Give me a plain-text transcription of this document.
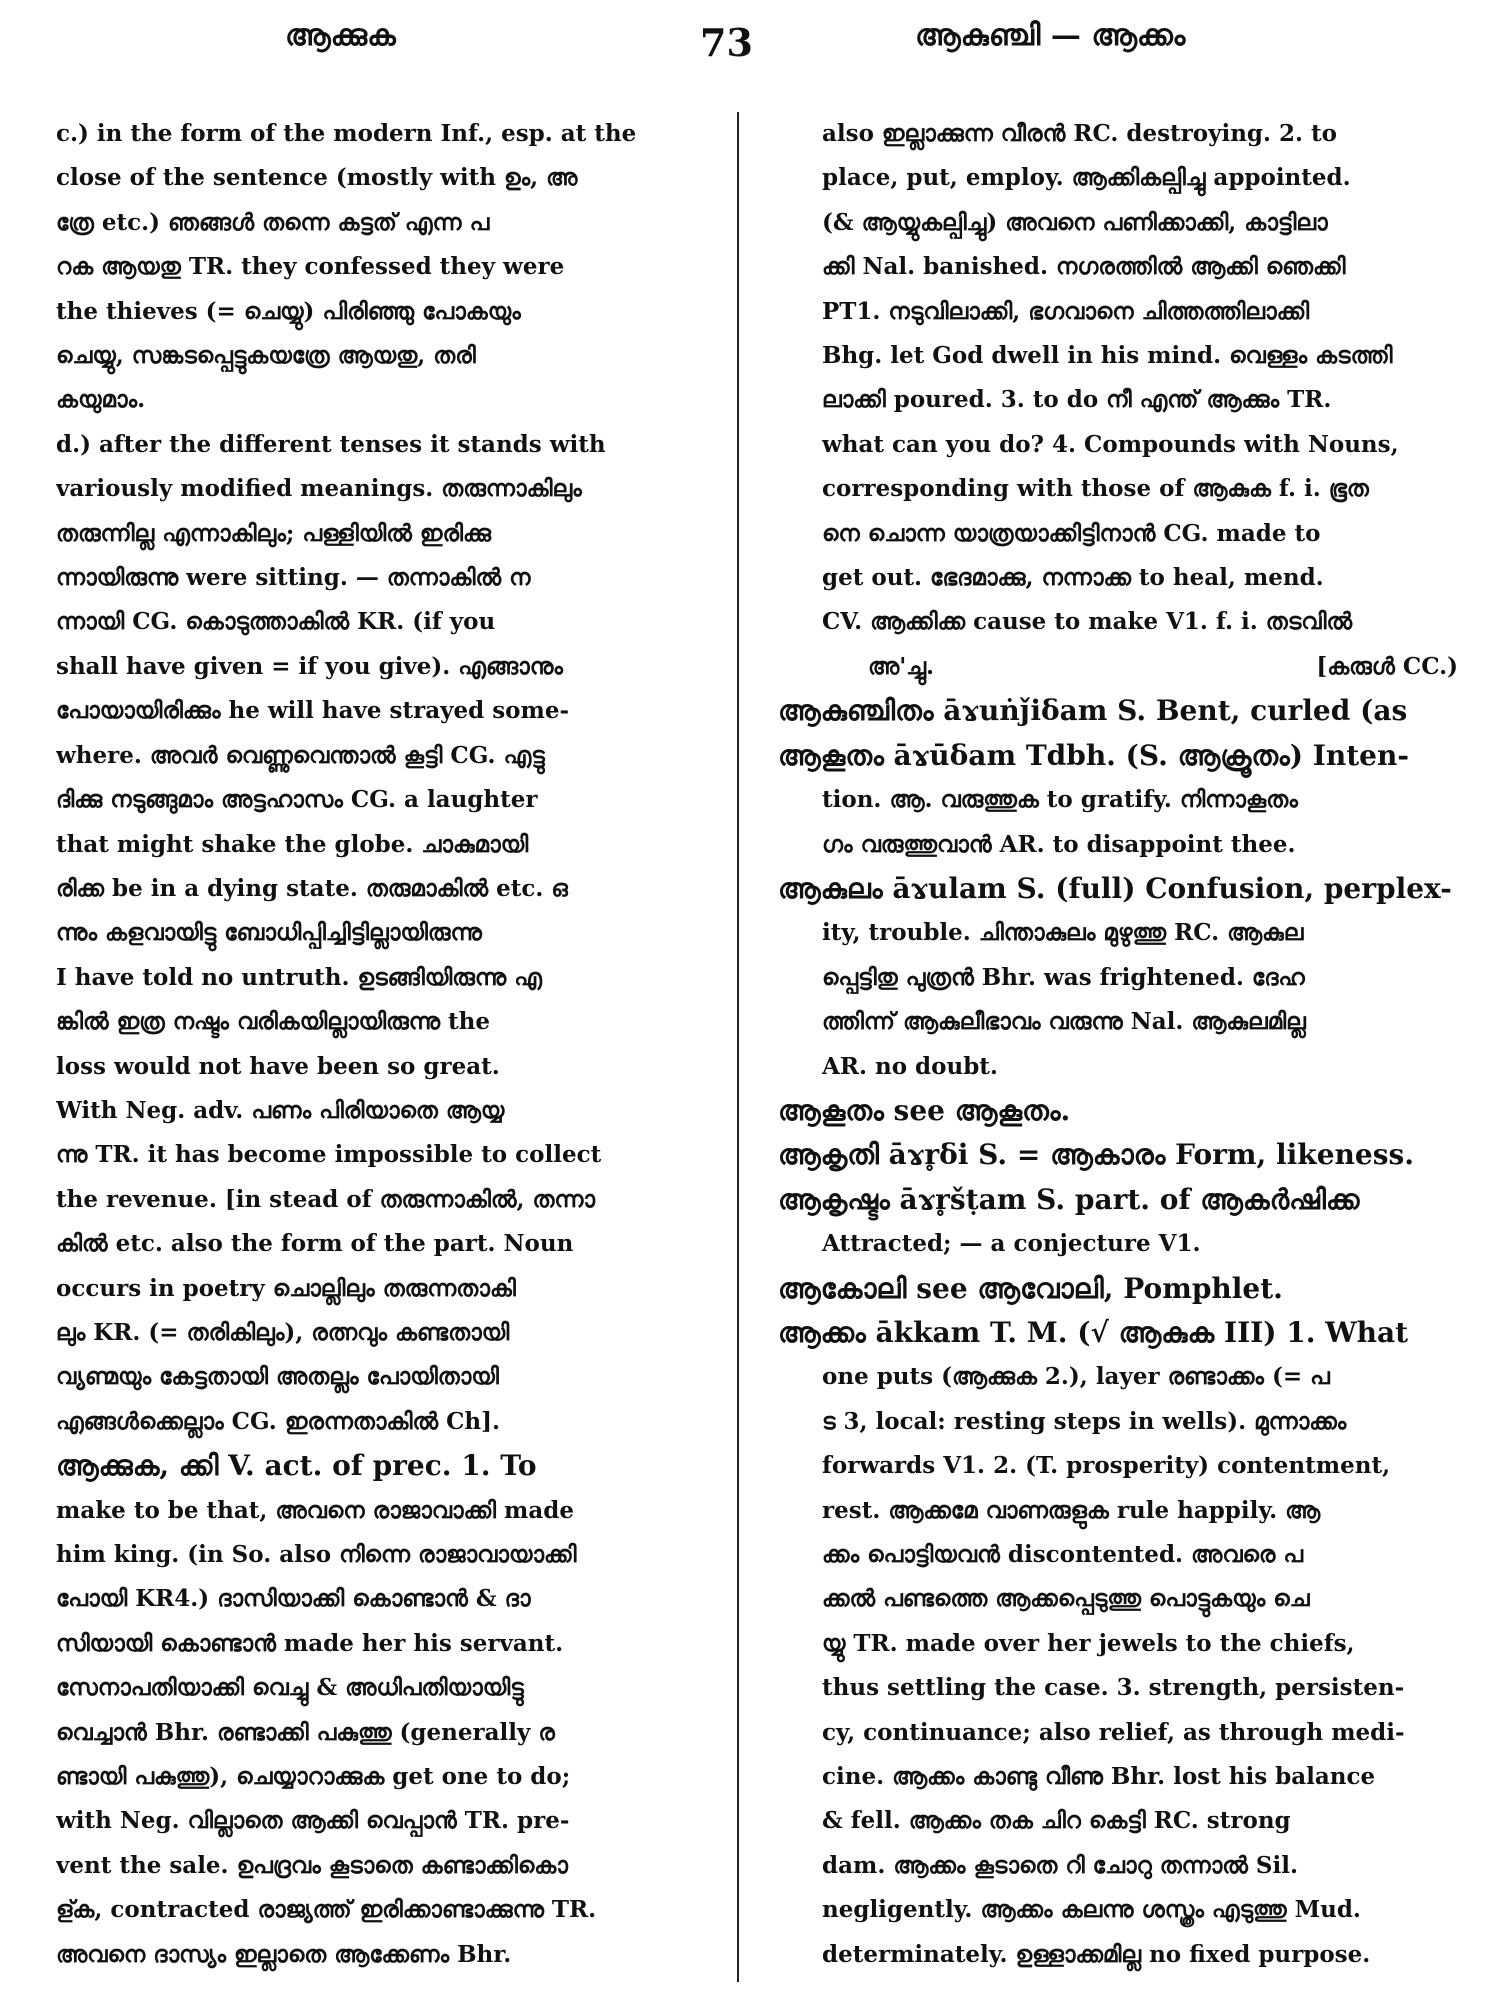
ആക്കുക	73	ആകുഞ്ചി — ആക്കം
c.) in the form of the modern Inf., esp. at the
close of the sentence (mostly with ഉം, അ
ത്രേ etc.) ഞങ്ങൾ തന്നെ കട്ടത് എന്ന പ
റക ആയതു TR. they confessed they were
the thieves (= ചെയ്യു) പിരിഞ്ഞു പോകയും
ചെയ്യു, സങ്കടപ്പെട്ടുകയത്രേ ആയതു, തരി
കയുമാം.
d.) after the different tenses it stands with
variously modified meanings. തരുന്നാകിലും
തരുന്നില്ല എന്നാകിലും; പള്ളിയിൽ ഇരിക്കു
ന്നായിരുന്നു were sitting. — തന്നാകിൽ ന
ന്നായി CG. കൊടുത്താകിൽ KR. (if you
shall have given = if you give). എങ്ങാനും
പോയായിരിക്കും he will have strayed some-
where. അവർ വെണ്ണുവെന്താൽ കൂട്ടി CG. എട്ടു
ദിക്കു നടുങ്ങുമാം അട്ടഹാസം CG. a laughter
that might shake the globe. ചാകുമായി
രിക്ക be in a dying state. തരുമാകിൽ etc. ഒ
ന്നും കളവായിട്ടു ബോധിപ്പിച്ചിട്ടില്ലായിരുന്നു
I have told no untruth. ഉടങ്ങിയിരുന്നു എ
ങ്കിൽ ഇത്ര നഷ്ടം വരികയില്ലായിരുന്നു the
loss would not have been so great.
With Neg. adv. പണം പിരിയാതെ ആയ്യ
ന്നു TR. it has become impossible to collect
the revenue. [in stead of തരുന്നാകിൽ, തന്നാ
കിൽ etc. also the form of the part. Noun
occurs in poetry ചൊല്ലിലും തരുന്നതാകി
ലും KR. (= തരികിലും), രത്നവും കണ്ടതായി
വ്യണ്മയും കേട്ടതായി അതല്ലം പോയിതായി
എങ്ങൾക്കെല്ലാം CG. ഇരന്നതാകിൽ Ch].
ആക്കുക, ക്കി V. act. of prec. 1. To
make to be that, അവനെ രാജാവാക്കി made
him king. (in So. also നിന്നെ രാജാവായാക്കി
പോയി KR4.) ദാസിയാക്കി കൊണ്ടാൻ & ദാ
സിയായി കൊണ്ടാൻ made her his servant.
സേനാപതിയാക്കി വെച്ചു & അധിപതിയായിട്ടു
വെച്ചാൻ Bhr. രണ്ടാക്കി പകുത്തു (generally ര
ണ്ടായി പകുത്തു), ചെയ്യാറാക്കുക get one to do;
with Neg. വില്ലാതെ ആക്കി വെപ്പാൻ TR. pre-
vent the sale. ഉപദ്രവം കൂടാതെ കണ്ടാക്കികൊ
ള്ക, contracted രാജ്യത്ത് ഇരിക്കാണ്ടാക്കുന്നു TR.
അവനെ ദാസ്യം ഇല്ലാതെ ആക്കേണം Bhr.
also ഇല്ലാക്കുന്ന വീരൻ RC. destroying. 2. to
place, put, employ. ആക്കികല്പിച്ചു appointed.
(& ആയ്യുകല്പിച്ചു) അവനെ പണിക്കാക്കി, കാട്ടിലാ
ക്കി Nal. banished. നഗരത്തിൽ ആക്കി ഞെക്കി
PT1. നടുവിലാക്കി, ഭഗവാനെ ചിത്തത്തിലാക്കി
Bhg. let God dwell in his mind. വെള്ളം കടത്തി
ലാക്കി poured. 3. to do നീ എന്ത് ആക്കും TR.
what can you do? 4. Compounds with Nouns,
corresponding with those of ആകുക f. i. ഭൂത
നെ ചൊന്ന യാത്രയാക്കിട്ടിനാൻ CG. made to
get out. ഭേദമാക്കു, നന്നാക്ക to heal, mend.
CV. ആക്കിക്ക cause to make V1. f. i. തടവിൽ
[കരുൾ CC.)
അ'ച്ചു.
ആകുഞ്ചിതം āɤuṅǰiδam S. Bent, curled (as
ആകൂതം āɤūδam Tdbh. (S. ആക്രൂതം) Inten-
tion. ആ. വരുത്തുക to gratify. നിന്നാകൂതം
ഗം വരുത്തുവാൻ AR. to disappoint thee.
ആകുലം āɤulam S. (full) Confusion, perplex-
ity, trouble. ചിന്താകുലം മുഴുത്തു RC. ആകുല
പ്പെട്ടിതു പുത്രൻ Bhr. was frightened. ദേഹ
ത്തിന്ന് ആകുലീഭാവം വരുന്നു Nal. ആകുലമില്ല
AR. no doubt.
ആകൂതം see ആകൂതം.
ആകൃതി āɤr̥δi S. = ആകാരം Form, likeness.
ആകൃഷ്ടം āɤr̥šṭam S. part. of ആകർഷിക്ക
Attracted; — a conjecture V1.
ആകോലി see ആവോലി, Pomphlet.
ആക്കം ākkam T. M. (√ ആകുക III) 1. What
one puts (ആക്കുക 2.), layer രണ്ടാക്കം (= പ
ട 3, local: resting steps in wells). മുന്നാക്കം
forwards V1. 2. (T. prosperity) contentment,
rest. ആക്കമേ വാണരുളുക rule happily. ആ
ക്കം പൊട്ടിയവൻ discontented. അവരെ പ
ക്കൽ പണ്ടത്തെ ആക്കപ്പെടുത്തു പൊട്ടുകയും ചെ
യ്യു TR. made over her jewels to the chiefs,
thus settling the case. 3. strength, persisten-
cy, continuance; also relief, as through medi-
cine. ആക്കം കാണ്ടു വീണു Bhr. lost his balance
& fell. ആക്കം തക ചിറ കെട്ടി RC. strong
dam. ആക്കം കൂടാതെ റി ചോറു തന്നാൽ Sil.
negligently. ആക്കം കലന്നു ശസ്ത്രം എടുത്തു Mud.
determinately. ഉള്ളാക്കമില്ല no fixed purpose.
